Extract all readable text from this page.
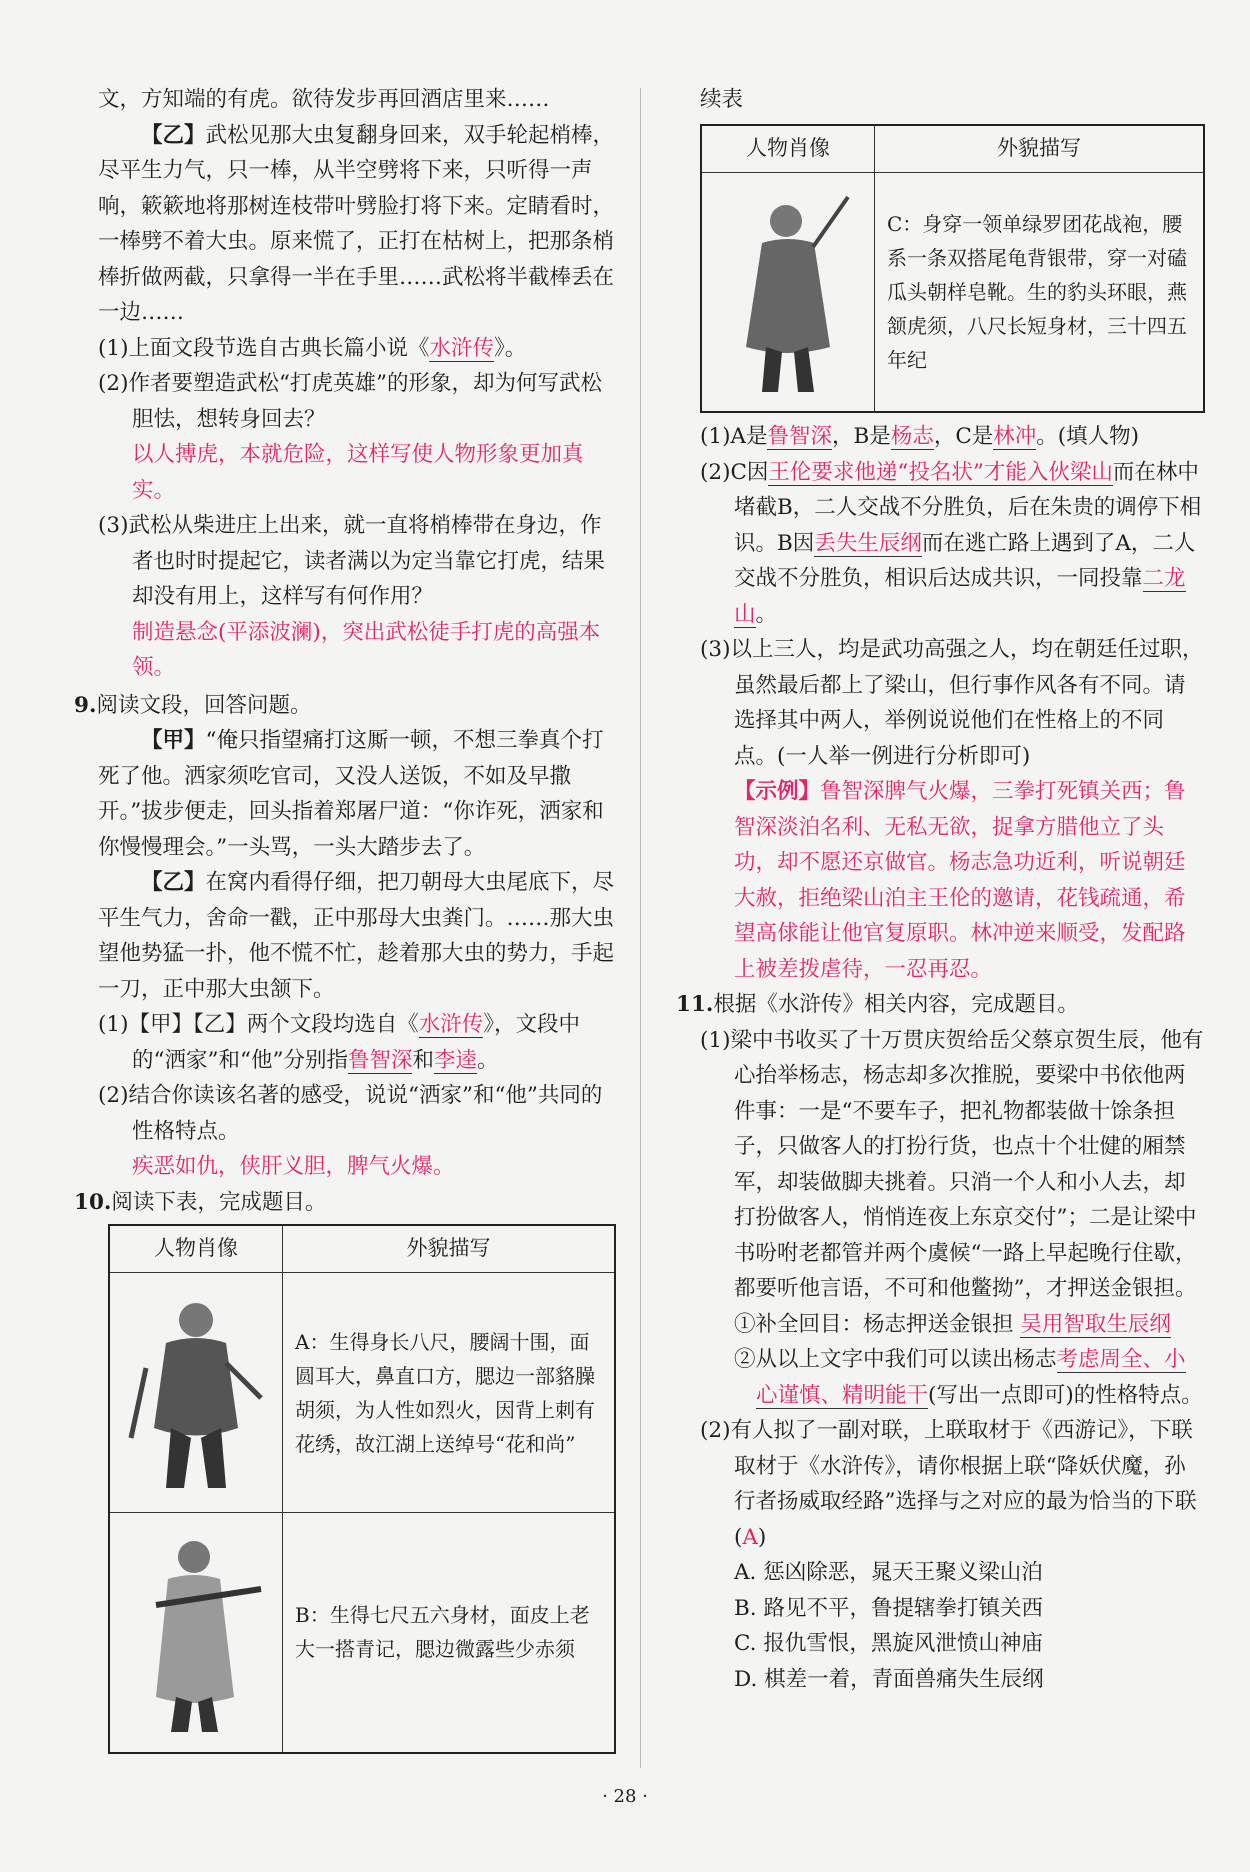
文，方知端的有虎。欲待发步再回酒店里来……

【乙】武松见那大虫复翻身回来，双手轮起梢棒，尽平生力气，只一棒，从半空劈将下来，只听得一声响，簌簌地将那树连枝带叶劈脸打将下来。定睛看时，一棒劈不着大虫。原来慌了，正打在枯树上，把那条梢棒折做两截，只拿得一半在手里……武松将半截棒丢在一边……

(1)上面文段节选自古典长篇小说《水浒传》。

(2)作者要塑造武松“打虎英雄”的形象，却为何写武松胆怯，想转身回去？

以人搏虎，本就危险，这样写使人物形象更加真实。

(3)武松从柴进庄上出来，就一直将梢棒带在身边，作者也时时提起它，读者满以为定当靠它打虎，结果却没有用上，这样写有何作用？

制造悬念(平添波澜)，突出武松徒手打虎的高强本领。

9.阅读文段，回答问题。

【甲】“俺只指望痛打这厮一顿，不想三拳真个打死了他。洒家须吃官司，又没人送饭，不如及早撒开。”拔步便走，回头指着郑屠尸道：“你诈死，洒家和你慢慢理会。”一头骂，一头大踏步去了。

【乙】在窝内看得仔细，把刀朝母大虫尾底下，尽平生气力，舍命一戳，正中那母大虫粪门。……那大虫望他势猛一扑，他不慌不忙，趁着那大虫的势力，手起一刀，正中那大虫颔下。

(1)【甲】【乙】两个文段均选自《水浒传》，文段中的“洒家”和“他”分别指鲁智深和李逵。

(2)结合你读该名著的感受，说说“洒家”和“他”共同的性格特点。

疾恶如仇，侠肝义胆，脾气火爆。

10.阅读下表，完成题目。

人物肖像	外貌描写

	A：生得身长八尺，腰阔十围，面圆耳大，鼻直口方，腮边一部貉臊胡须，为人性如烈火，因背上刺有花绣，故江湖上送绰号“花和尚”

	B：生得七尺五六身材，面皮上老大一搭青记，腮边微露些少赤须

续表

人物肖像	外貌描写

	C：身穿一领单绿罗团花战袍，腰系一条双搭尾龟背银带，穿一对磕瓜头朝样皂靴。生的豹头环眼，燕颔虎须，八尺长短身材，三十四五年纪

(1)A是鲁智深，B是杨志，C是林冲。(填人物)

(2)C因王伦要求他递“投名状”才能入伙梁山而在林中堵截B，二人交战不分胜负，后在朱贵的调停下相识。B因丢失生辰纲而在逃亡路上遇到了A，二人交战不分胜负，相识后达成共识，一同投靠二龙山。

(3)以上三人，均是武功高强之人，均在朝廷任过职，虽然最后都上了梁山，但行事作风各有不同。请选择其中两人，举例说说他们在性格上的不同点。(一人举一例进行分析即可)

【示例】鲁智深脾气火爆，三拳打死镇关西；鲁智深淡泊名利、无私无欲，捉拿方腊他立了头功，却不愿还京做官。杨志急功近利，听说朝廷大赦，拒绝梁山泊主王伦的邀请，花钱疏通，希望高俅能让他官复原职。林冲逆来顺受，发配路上被差拨虐待，一忍再忍。

11.根据《水浒传》相关内容，完成题目。

(1)梁中书收买了十万贯庆贺给岳父蔡京贺生辰，他有心抬举杨志，杨志却多次推脱，要梁中书依他两件事：一是“不要车子，把礼物都装做十馀条担子，只做客人的打扮行货，也点十个壮健的厢禁军，却装做脚夫挑着。只消一个人和小人去，却打扮做客人，悄悄连夜上东京交付”；二是让梁中书吩咐老都管并两个虞候“一路上早起晚行住歇，都要听他言语，不可和他鳖拗”，才押送金银担。

①补全回目：杨志押送金银担 吴用智取生辰纲

②从以上文字中我们可以读出杨志考虑周全、小心谨慎、精明能干(写出一点即可)的性格特点。

(2)有人拟了一副对联，上联取材于《西游记》，下联取材于《水浒传》，请你根据上联“降妖伏魔，孙行者扬威取经路”选择与之对应的最为恰当的下联(A)

A. 惩凶除恶，晁天王聚义梁山泊

B. 路见不平，鲁提辖拳打镇关西

C. 报仇雪恨，黑旋风泄愤山神庙

D. 棋差一着，青面兽痛失生辰纲

· 28 ·
